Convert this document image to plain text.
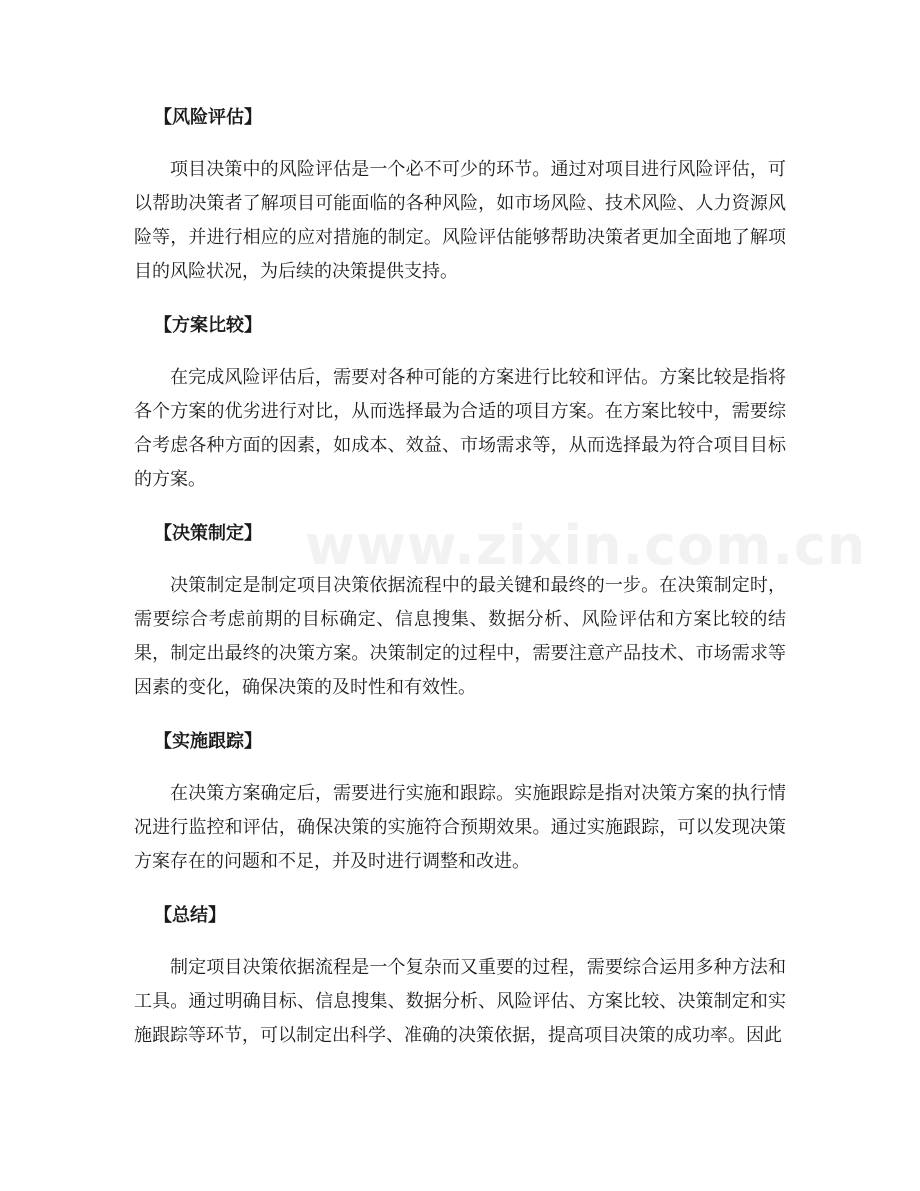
【风险评估】

项目决策中的风险评估是一个必不可少的环节。通过对项目进行风险评估，可以帮助决策者了解项目可能面临的各种风险，如市场风险、技术风险、人力资源风险等，并进行相应的应对措施的制定。风险评估能够帮助决策者更加全面地了解项目的风险状况，为后续的决策提供支持。

【方案比较】

在完成风险评估后，需要对各种可能的方案进行比较和评估。方案比较是指将各个方案的优劣进行对比，从而选择最为合适的项目方案。在方案比较中，需要综合考虑各种方面的因素，如成本、效益、市场需求等，从而选择最为符合项目目标的方案。

【决策制定】

决策制定是制定项目决策依据流程中的最关键和最终的一步。在决策制定时，需要综合考虑前期的目标确定、信息搜集、数据分析、风险评估和方案比较的结果，制定出最终的决策方案。决策制定的过程中，需要注意产品技术、市场需求等因素的变化，确保决策的及时性和有效性。

【实施跟踪】

在决策方案确定后，需要进行实施和跟踪。实施跟踪是指对决策方案的执行情况进行监控和评估，确保决策的实施符合预期效果。通过实施跟踪，可以发现决策方案存在的问题和不足，并及时进行调整和改进。

【总结】

制定项目决策依据流程是一个复杂而又重要的过程，需要综合运用多种方法和工具。通过明确目标、信息搜集、数据分析、风险评估、方案比较、决策制定和实施跟踪等环节，可以制定出科学、准确的决策依据，提高项目决策的成功率。因此

www.zixin.com.cn
